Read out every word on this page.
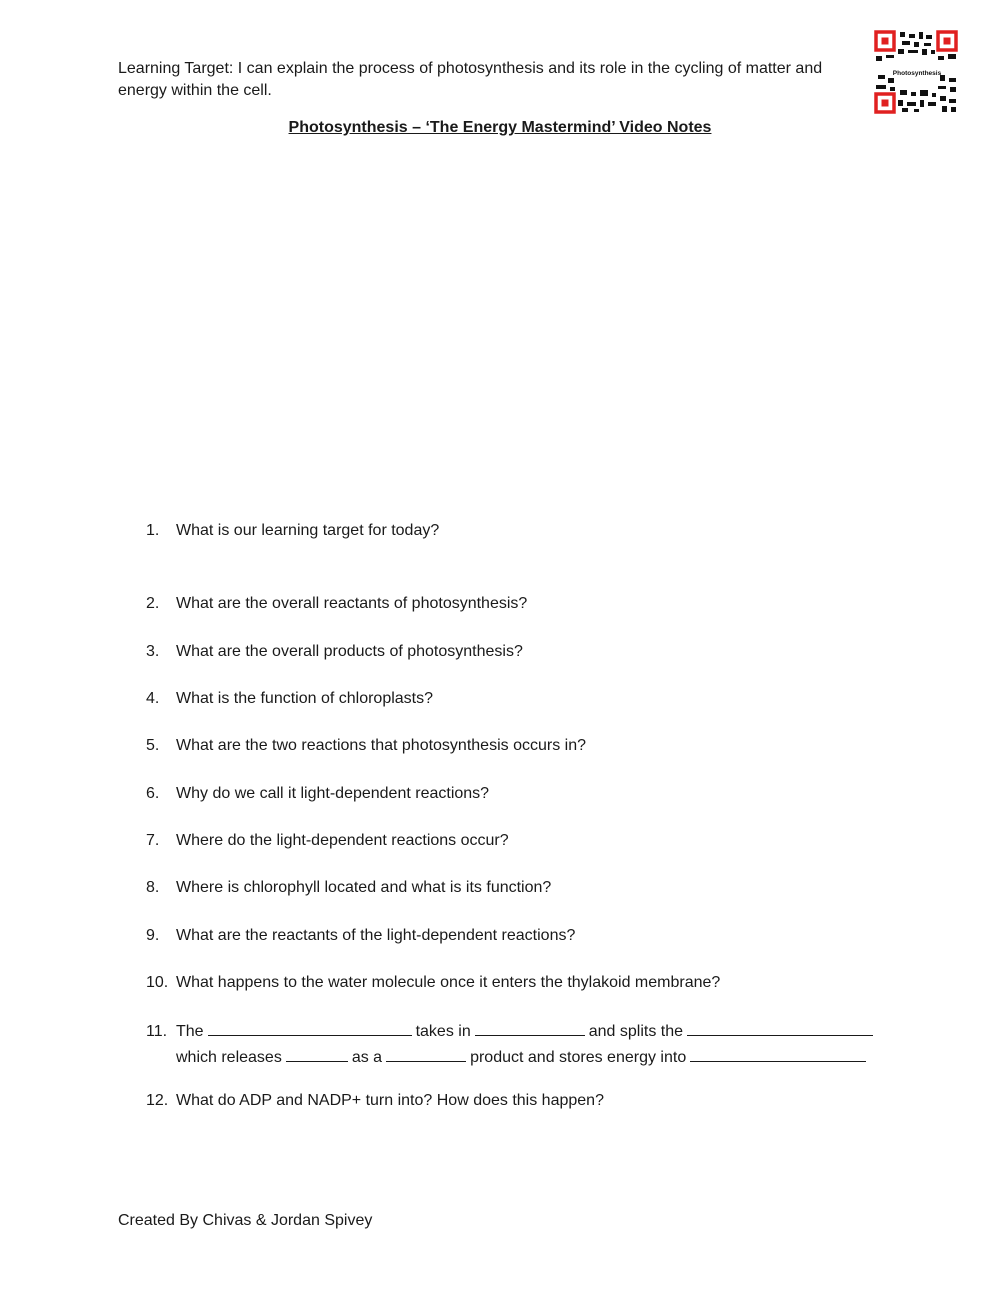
Learning Target: I can explain the process of photosynthesis and its role in the cycling of matter and energy within the cell.

Photosynthesis
Photosynthesis – ‘The Energy Mastermind’ Video Notes

1. What is our learning target for today?

2. What are the overall reactants of photosynthesis?

3. What are the overall products of photosynthesis?

4. What is the function of chloroplasts?

5. What are the two reactions that photosynthesis occurs in?

6. Why do we call it light-dependent reactions?

7. Where do the light-dependent reactions occur?

8. Where is chlorophyll located and what is its function?

9. What are the reactants of the light-dependent reactions?

10. What happens to the water molecule once it enters the thylakoid membrane?

11. The	takes in	and splits the
which releases	as a	product and stores energy into

12. What do ADP and NADP+ turn into? How does this happen?

Created By Chivas & Jordan Spivey
